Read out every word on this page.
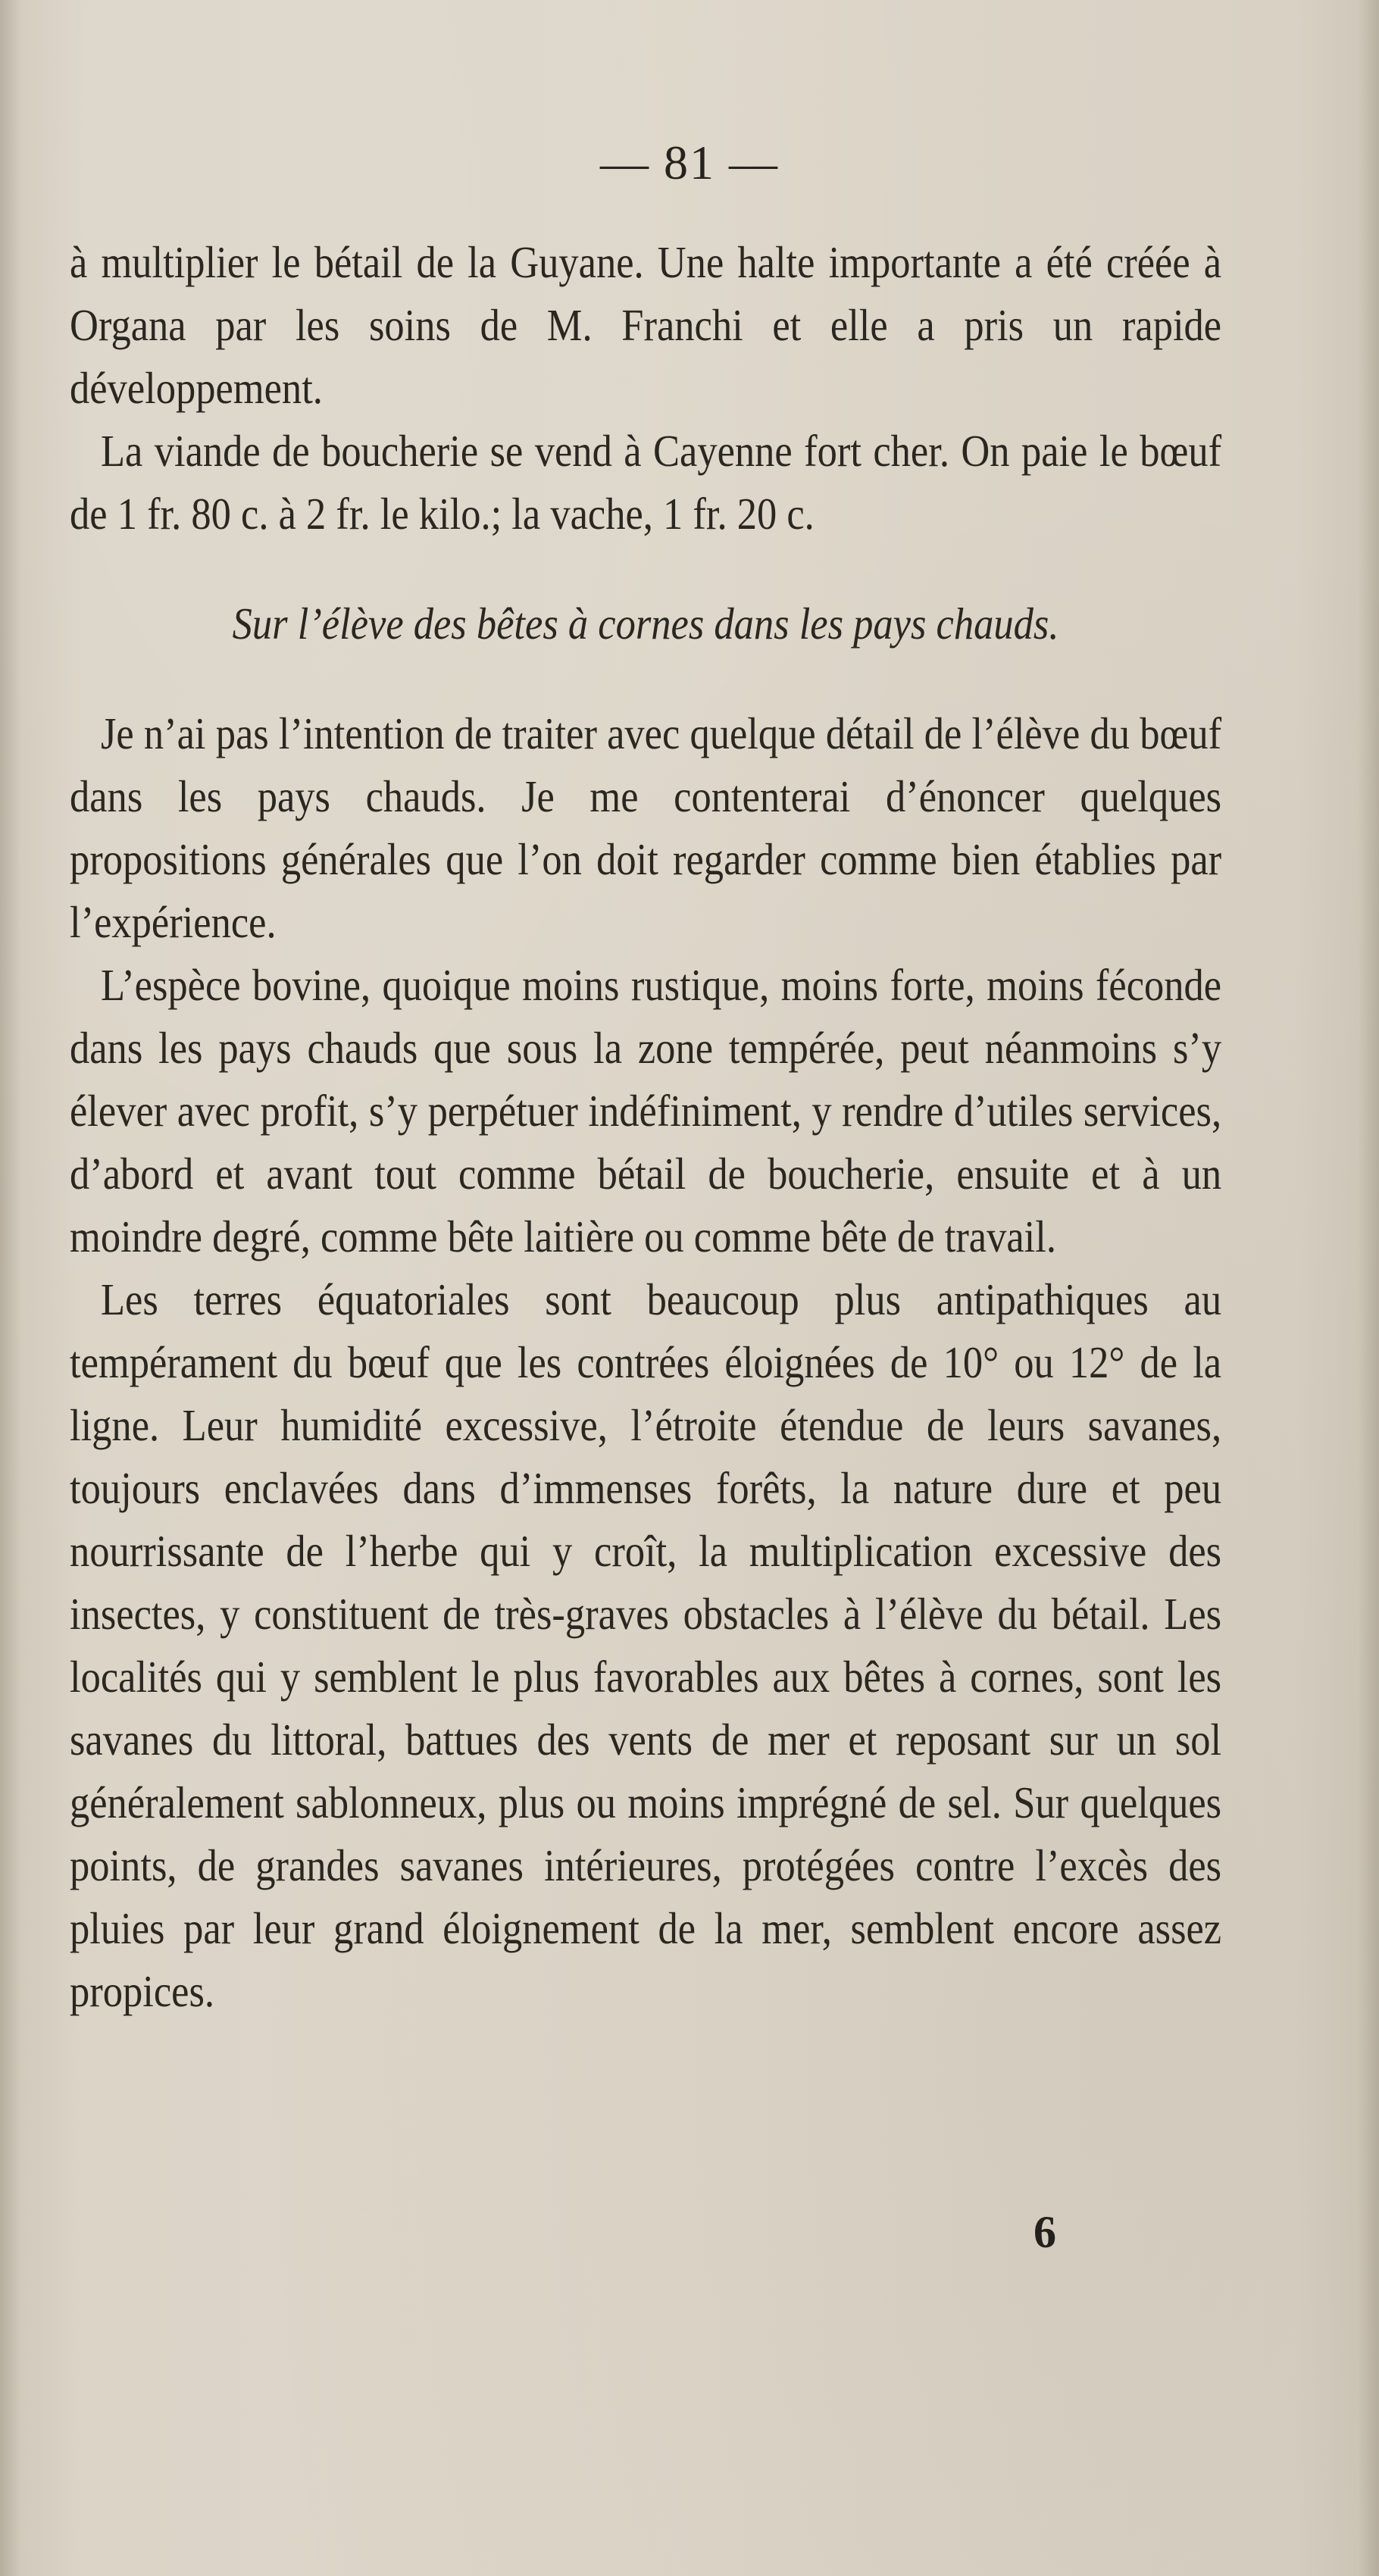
— 81 —

à multiplier le bétail de la Guyane. Une halte importante a été créée à Organa par les soins de M. Franchi et elle a pris un rapide développement.

La viande de boucherie se vend à Cayenne fort cher. On paie le bœuf de 1 fr. 80 c. à 2 fr. le kilo.; la vache, 1 fr. 20 c.

Sur l’élève des bêtes à cornes dans les pays chauds.

Je n’ai pas l’intention de traiter avec quelque détail de l’élève du bœuf dans les pays chauds. Je me contenterai d’énoncer quelques propositions générales que l’on doit regarder comme bien établies par l’expérience.

L’espèce bovine, quoique moins rustique, moins forte, moins féconde dans les pays chauds que sous la zone tempérée, peut néanmoins s’y élever avec profit, s’y perpétuer indéfiniment, y rendre d’utiles services, d’abord et avant tout comme bétail de boucherie, ensuite et à un moindre degré, comme bête laitière ou comme bête de travail.

Les terres équatoriales sont beaucoup plus antipathiques au tempérament du bœuf que les contrées éloignées de 10° ou 12° de la ligne. Leur humidité excessive, l’étroite étendue de leurs savanes, toujours enclavées dans d’immenses forêts, la nature dure et peu nourrissante de l’herbe qui y croît, la multiplication excessive des insectes, y constituent de très-graves obstacles à l’élève du bétail. Les localités qui y semblent le plus favorables aux bêtes à cornes, sont les savanes du littoral, battues des vents de mer et reposant sur un sol généralement sablonneux, plus ou moins imprégné de sel. Sur quelques points, de grandes savanes intérieures, protégées contre l’excès des pluies par leur grand éloignement de la mer, semblent encore assez propices.

6
